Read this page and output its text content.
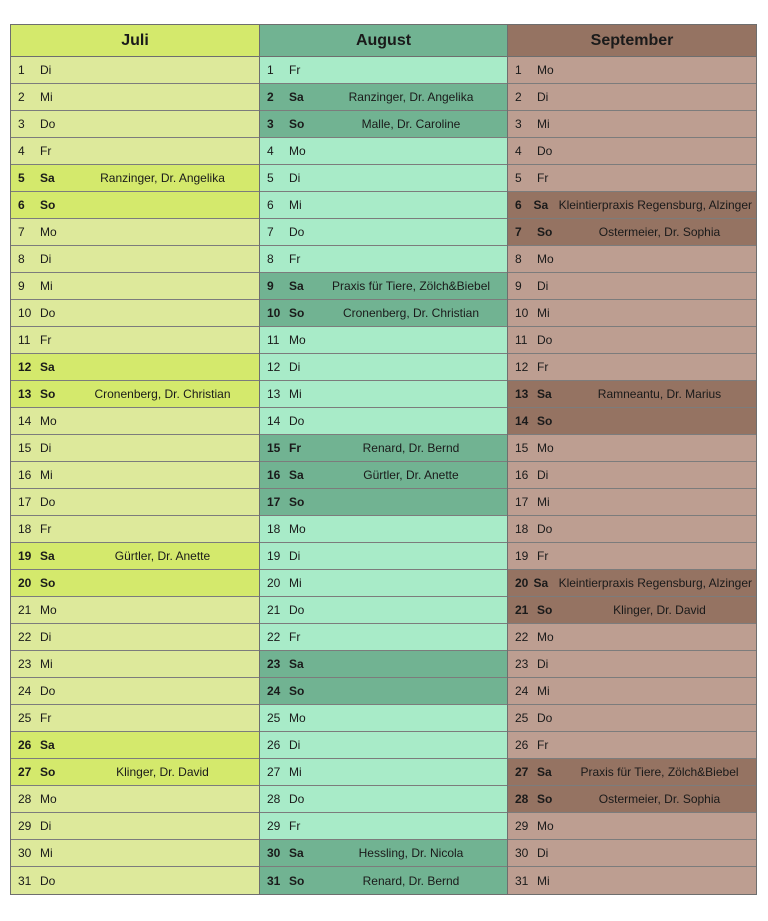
Juli
1	Di
2	Mi
3	Do
4	Fr
5	Sa	Ranzinger, Dr. Angelika
6	So
7	Mo
8	Di
9	Mi
10 Do
11 Fr
12 Sa
13 So	Cronenberg, Dr. Christian
14 Mo
15 Di
16 Mi
17 Do
18 Fr
19 Sa	Gürtler, Dr. Anette
20 So
21 Mo
22 Di
23 Mi
24 Do
25 Fr
26 Sa
27 So	Klinger, Dr. David
28 Mo
29 Di
30 Mi
31 Do
August
1	Fr
2	Sa	Ranzinger, Dr. Angelika
3	So	Malle, Dr. Caroline
4	Mo
5	Di
6	Mi
7	Do
8	Fr
9	Sa	Praxis für Tiere, Zölch&Biebel
10 So	Cronenberg, Dr. Christian
11 Mo
12 Di
13 Mi
14 Do
15 Fr	Renard, Dr. Bernd
16 Sa	Gürtler, Dr. Anette
17 So
18 Mo
19 Di
20 Mi
21 Do
22 Fr
23 Sa
24 So
25 Mo
26 Di
27 Mi
28 Do
29 Fr
30 Sa	Hessling, Dr. Nicola
31 So	Renard, Dr. Bernd
September
1	Mo
2	Di
3	Mi
4	Do
5	Fr
6 Sa Kleintierpraxis Regensburg, Alzinger
7	So	Ostermeier, Dr. Sophia
8	Mo
9	Di
10 Mi
11 Do
12 Fr
13 Sa	Ramneantu, Dr. Marius
14 So
15 Mo
16 Di
17 Mi
18 Do
19 Fr
20 Sa Kleintierpraxis Regensburg, Alzinger
21 So	Klinger, Dr. David
22 Mo
23 Di
24 Mi
25 Do
26 Fr
27 Sa	Praxis für Tiere, Zölch&Biebel
28 So	Ostermeier, Dr. Sophia
29 Mo
30 Di
31 Mi
